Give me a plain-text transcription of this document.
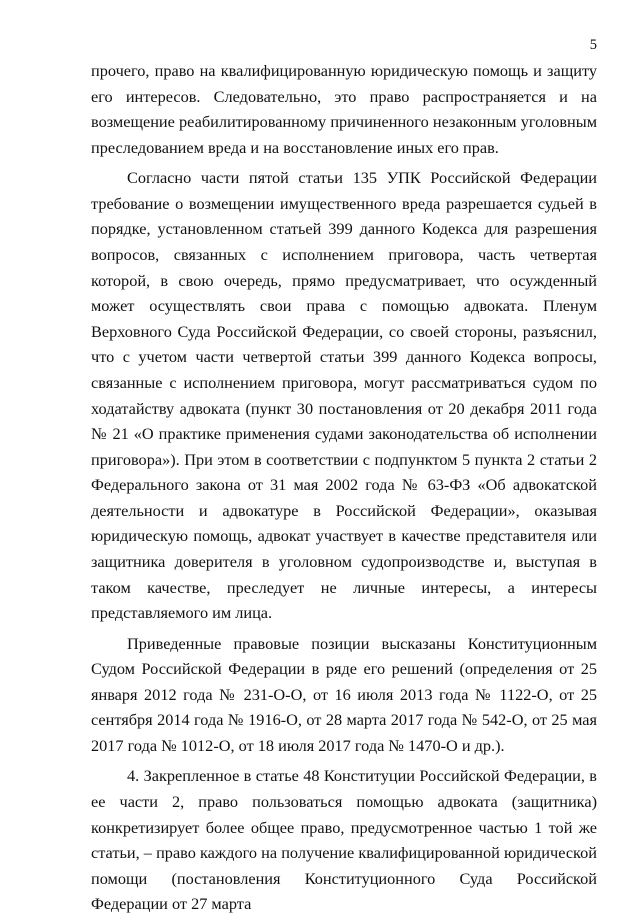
5

прочего, право на квалифицированную юридическую помощь и защиту его интересов. Следовательно, это право распространяется и на возмещение реабилитированному причиненного незаконным уголовным преследованием вреда и на восстановление иных его прав.

Согласно части пятой статьи 135 УПК Российской Федерации требование о возмещении имущественного вреда разрешается судьей в порядке, установленном статьей 399 данного Кодекса для разрешения вопросов, связанных с исполнением приговора, часть четвертая которой, в свою очередь, прямо предусматривает, что осужденный может осуществлять свои права с помощью адвоката. Пленум Верховного Суда Российской Федерации, со своей стороны, разъяснил, что с учетом части четвертой статьи 399 данного Кодекса вопросы, связанные с исполнением приговора, могут рассматриваться судом по ходатайству адвоката (пункт 30 постановления от 20 декабря 2011 года № 21 «О практике применения судами законодательства об исполнении приговора»). При этом в соответствии с подпунктом 5 пункта 2 статьи 2 Федерального закона от 31 мая 2002 года № 63-ФЗ «Об адвокатской деятельности и адвокатуре в Российской Федерации», оказывая юридическую помощь, адвокат участвует в качестве представителя или защитника доверителя в уголовном судопроизводстве и, выступая в таком качестве, преследует не личные интересы, а интересы представляемого им лица.

Приведенные правовые позиции высказаны Конституционным Судом Российской Федерации в ряде его решений (определения от 25 января 2012 года № 231-О-О, от 16 июля 2013 года № 1122-О, от 25 сентября 2014 года № 1916-О, от 28 марта 2017 года № 542-О, от 25 мая 2017 года № 1012-О, от 18 июля 2017 года № 1470-О и др.).

4. Закрепленное в статье 48 Конституции Российской Федерации, в ее части 2, право пользоваться помощью адвоката (защитника) конкретизирует более общее право, предусмотренное частью 1 той же статьи, – право каждого на получение квалифицированной юридической помощи (постановления Конституционного Суда Российской Федерации от 27 марта
